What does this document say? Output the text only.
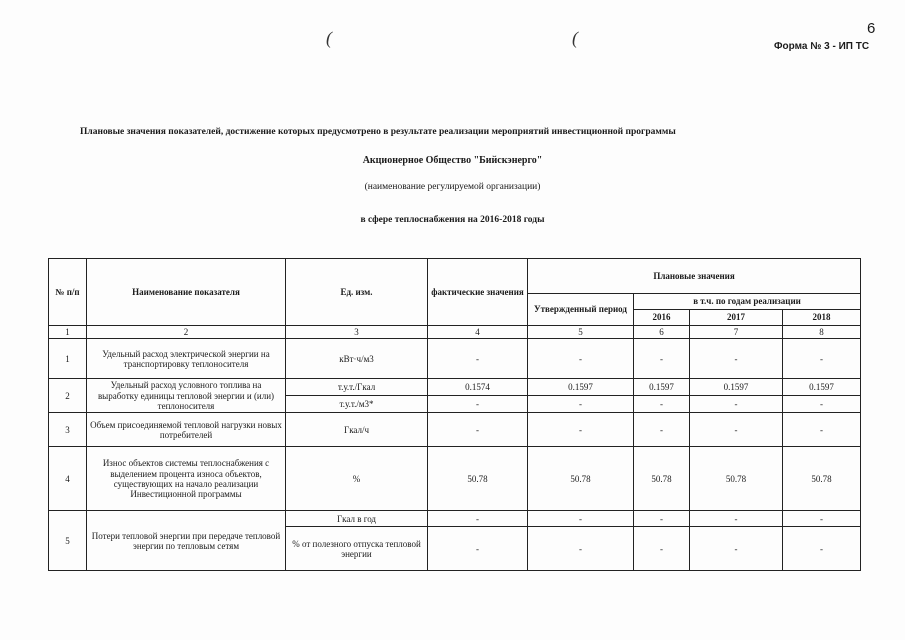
6
Форма № 3 - ИП ТС
(	(
Плановые значения показателей, достижение которых предусмотрено в результате реализации мероприятий инвестиционной программы
Акционерное Общество "Бийскэнерго"
(наименование регулируемой организации)
в сфере теплоснабжения на 2016-2018 годы
№ п/п	Наименование показателя	Ед. изм.	фактические значения	Плановые значения			
				Утвержденный период	в т.ч. по годам реализации		
					2016	2017	2018
1	2	3	4	5	6	7	8
1	Удельный расход электрической энергии на транспортировку теплоносителя	кВт·ч/м3	-	-	-	-	-
2	Удельный расход условного топлива на выработку единицы тепловой энергии и (или) теплоносителя	т.у.т./Гкал	0.1574	0.1597	0.1597	0.1597	0.1597
		т.у.т./м3*	-	-	-	-	-
3	Объем присоединяемой тепловой нагрузки новых потребителей	Гкал/ч	-	-	-	-	-
4	Износ объектов системы теплоснабжения с выделением процента износа объектов, существующих на начало реализации Инвестиционной программы	%	50.78	50.78	50.78	50.78	50.78
5	Потери тепловой энергии при передаче тепловой энергии по тепловым сетям	Гкал в год	-	-	-	-	-
		% от полезного отпуска тепловой энергии	-	-	-	-	-
